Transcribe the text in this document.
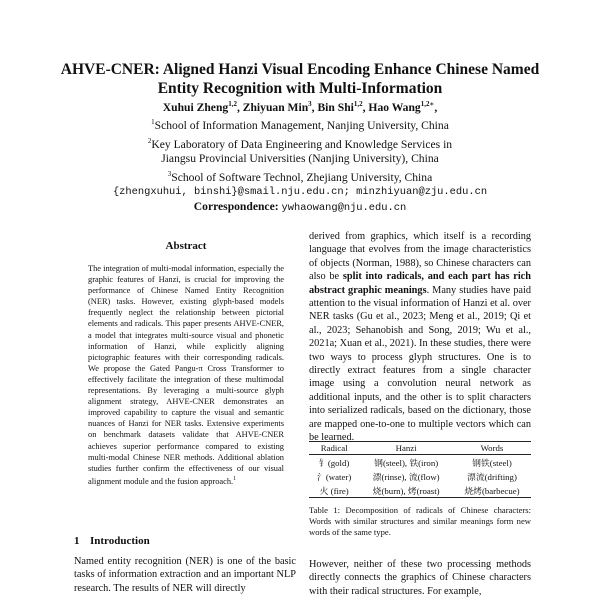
AHVE-CNER: Aligned Hanzi Visual Encoding Enhance Chinese Named
Entity Recognition with Multi-Information
Xuhui Zheng$^{1,2}$, Zhiyuan Min$^3$, Bin Shi$^{1,2}$, Hao Wang$^{1,2∗}$,
$^1$School of Information Management, Nanjing University, China
$^2$Key Laboratory of Data Engineering and Knowledge Services in
Jiangsu Provincial Universities (Nanjing University), China
$^3$School of Software Technol, Zhejiang University, China
{zhengxuhui, binshi}@smail.nju.edu.cn; minzhiyuan@zju.edu.cn
Correspondence: ywhaowang@nju.edu.cn
Abstract
The integration of multi-modal information, especially the graphic features of Hanzi, is crucial for improving the performance of Chinese Named Entity Recognition (NER) tasks. However, existing glyph-based models frequently neglect the relationship between pictorial elements and radicals. This paper presents AHVE-CNER, a model that integrates multi-source visual and phonetic information of Hanzi, while explicitly aligning pictographic features with their corresponding radicals. We propose the Gated Pangu-π Cross Transformer to effectively facilitate the integration of these multimodal representations. By leveraging a multi-source glyph alignment strategy, AHVE-CNER demonstrates an improved capability to capture the visual and semantic nuances of Hanzi for NER tasks. Extensive experiments on benchmark datasets validate that AHVE-CNER achieves superior performance compared to existing multi-modal Chinese NER methods. Additional ablation studies further confirm the effectiveness of our visual alignment module and the fusion approach.$^1$
1 Introduction
Named entity recognition (NER) is one of the basic tasks of information extraction and an important NLP research. The results of NER will directly
derived from graphics, which itself is a recording language that evolves from the image characteristics of objects (Norman, 1988), so Chinese characters can also be split into radicals, and each part has rich abstract graphic meanings. Many studies have paid attention to the visual information of Hanzi et al. over NER tasks (Gu et al., 2023; Meng et al., 2019; Qi et al., 2023; Sehanobish and Song, 2019; Wu et al., 2021a; Xuan et al., 2021). In these studies, there were two ways to process glyph structures. One is to directly extract features from a single character image using a convolution neural network as additional inputs, and the other is to split characters into serialized radicals, based on the dictionary, those are mapped one-to-one to multiple vectors which can be learned.
Radical	Hanzi	Words
钅(gold)	钢(steel), 铁(iron)	钢铁(steel)
氵(water)	漂(rinse), 流(flow)	漂流(drifting)
火 (fire)	烧(burn), 烤(roast)	烧烤(barbecue)
Table 1: Decomposition of radicals of Chinese characters: Words with similar structures and similar meanings form new words of the same type.
However, neither of these two processing methods directly connects the graphics of Chinese characters with their radical structures. For example,
